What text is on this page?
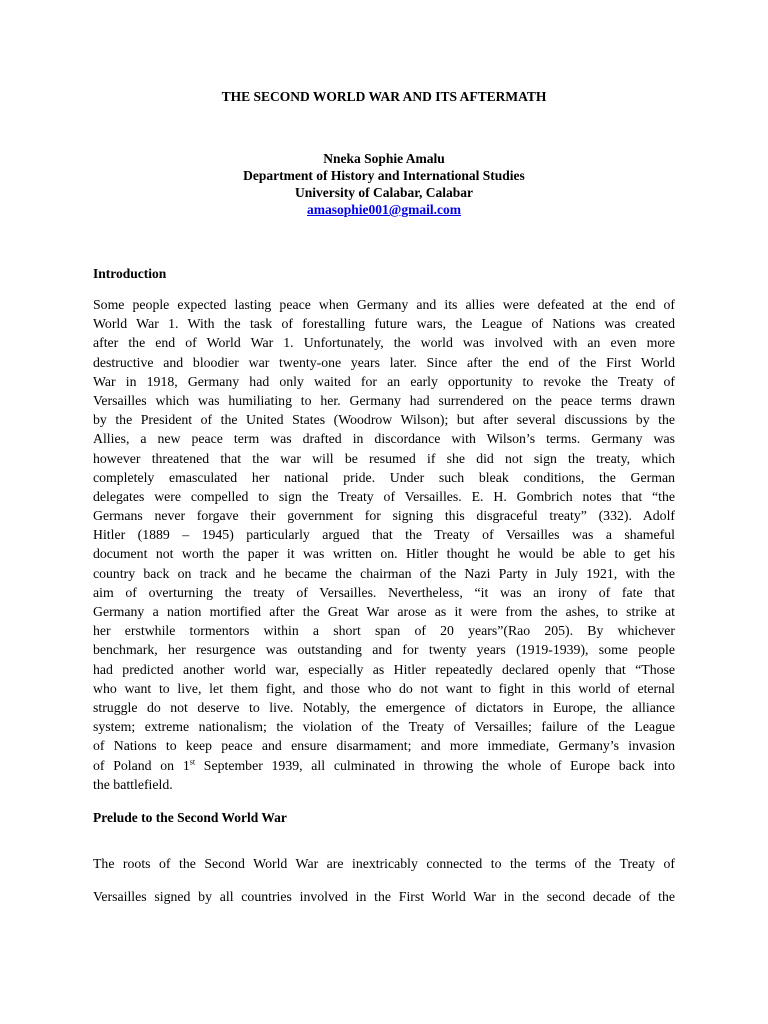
THE SECOND WORLD WAR AND ITS AFTERMATH
Nneka Sophie Amalu
Department of History and International Studies
University of Calabar, Calabar
amasophie001@gmail.com
Introduction
Some people expected lasting peace when Germany and its allies were defeated at the end of
World War 1. With the task of forestalling future wars, the League of Nations was created
after the end of World War 1. Unfortunately, the world was involved with an even more
destructive and bloodier war twenty-one years later. Since after the end of the First World
War in 1918, Germany had only waited for an early opportunity to revoke the Treaty of
Versailles which was humiliating to her. Germany had surrendered on the peace terms drawn
by the President of the United States (Woodrow Wilson); but after several discussions by the
Allies, a new peace term was drafted in discordance with Wilson’s terms. Germany was
however threatened that the war will be resumed if she did not sign the treaty, which
completely emasculated her national pride. Under such bleak conditions, the German
delegates were compelled to sign the Treaty of Versailles. E. H. Gombrich notes that “the
Germans never forgave their government for signing this disgraceful treaty” (332). Adolf
Hitler (1889 – 1945) particularly argued that the Treaty of Versailles was a shameful
document not worth the paper it was written on. Hitler thought he would be able to get his
country back on track and he became the chairman of the Nazi Party in July 1921, with the
aim of overturning the treaty of Versailles. Nevertheless, “it was an irony of fate that
Germany a nation mortified after the Great War arose as it were from the ashes, to strike at
her erstwhile tormentors within a short span of 20 years”(Rao 205). By whichever
benchmark, her resurgence was outstanding and for twenty years (1919-1939), some people
had predicted another world war, especially as Hitler repeatedly declared openly that “Those
who want to live, let them fight, and those who do not want to fight in this world of eternal
struggle do not deserve to live. Notably, the emergence of dictators in Europe, the alliance
system; extreme nationalism; the violation of the Treaty of Versailles; failure of the League
of Nations to keep peace and ensure disarmament; and more immediate, Germany’s invasion
of Poland on 1st September 1939, all culminated in throwing the whole of Europe back into
the battlefield.
Prelude to the Second World War
The roots of the Second World War are inextricably connected to the terms of the Treaty of
Versailles signed by all countries involved in the First World War in the second decade of the
